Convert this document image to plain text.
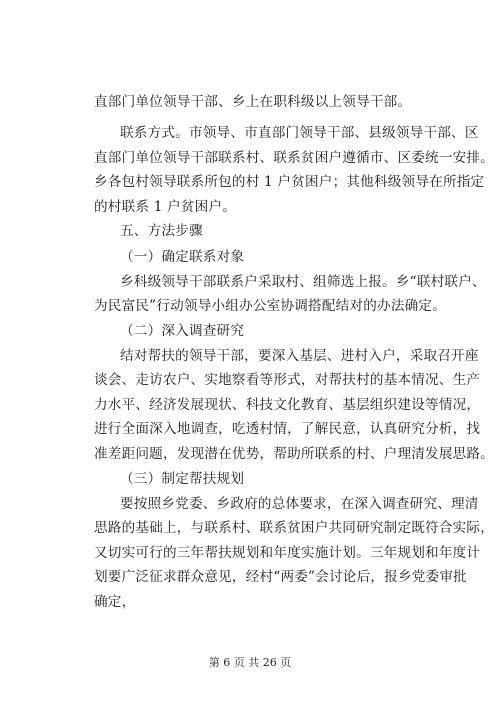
直部门单位领导干部、乡上在职科级以上领导干部。
联系方式。市领导、市直部门领导干部、县级领导干部、区
直部门单位领导干部联系村、联系贫困户遵循市、区委统一安排。
乡各包村领导联系所包的村 1 户贫困户；其他科级领导在所指定
的村联系 1 户贫困户。
五、方法步骤
（一）确定联系对象
乡科级领导干部联系户采取村、组筛选上报。乡“联村联户、
为民富民”行动领导小组办公室协调搭配结对的办法确定。
（二）深入调查研究
结对帮扶的领导干部，要深入基层、进村入户，采取召开座
谈会、走访农户、实地察看等形式，对帮扶村的基本情况、生产
力水平、经济发展现状、科技文化教育、基层组织建设等情况，
进行全面深入地调查，吃透村情，了解民意，认真研究分析，找
准差距问题，发现潜在优势，帮助所联系的村、户理清发展思路。
（三）制定帮扶规划
要按照乡党委、乡政府的总体要求，在深入调查研究、理清
思路的基础上，与联系村、联系贫困户共同研究制定既符合实际，
又切实可行的三年帮扶规划和年度实施计划。三年规划和年度计
划要广泛征求群众意见，经村“两委”会讨论后，报乡党委审批
确定，
第 6 页 共 26 页
